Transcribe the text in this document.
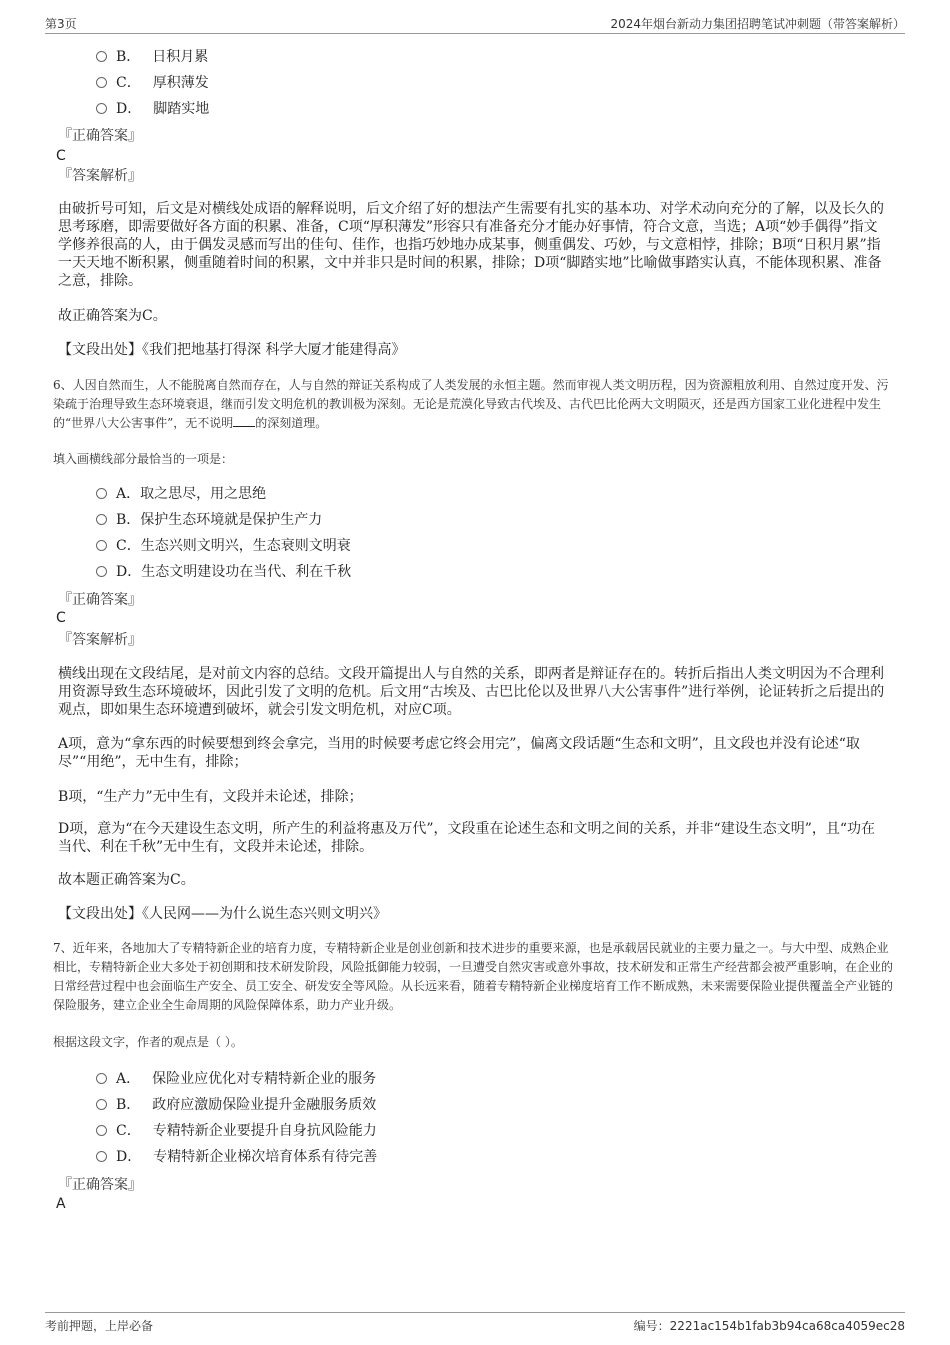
第3页	2024年烟台新动力集团招聘笔试冲刺题（带答案解析）
B． 日积月累
C． 厚积薄发
D． 脚踏实地
『正确答案』
C
『答案解析』
由破折号可知，后文是对横线处成语的解释说明，后文介绍了好的想法产生需要有扎实的基本功、对学术动向充分的了解，以及长久的思考琢磨，即需要做好各方面的积累、准备，C项“厚积薄发”形容只有准备充分才能办好事情，符合文意，当选；A项“妙手偶得”指文学修养很高的人，由于偶发灵感而写出的佳句、佳作，也指巧妙地办成某事，侧重偶发、巧妙，与文意相悖，排除；B项“日积月累”指一天天地不断积累，侧重随着时间的积累，文中并非只是时间的积累，排除；D项“脚踏实地”比喻做事踏实认真，不能体现积累、准备之意，排除。
故正确答案为C。
【文段出处】《我们把地基打得深 科学大厦才能建得高》
6、人因自然而生，人不能脱离自然而存在，人与自然的辩证关系构成了人类发展的永恒主题。然而审视人类文明历程，因为资源粗放利用、自然过度开发、污染疏于治理导致生态环境衰退，继而引发文明危机的教训极为深刻。无论是荒漠化导致古代埃及、古代巴比伦两大文明陨灭，还是西方国家工业化进程中发生的“世界八大公害事件”，无不说明 的深刻道理。
填入画横线部分最恰当的一项是：
A．取之思尽，用之思绝
B．保护生态环境就是保护生产力
C．生态兴则文明兴，生态衰则文明衰
D．生态文明建设功在当代、利在千秋
『正确答案』
C
『答案解析』
横线出现在文段结尾，是对前文内容的总结。文段开篇提出人与自然的关系，即两者是辩证存在的。转折后指出人类文明因为不合理利用资源导致生态环境破坏，因此引发了文明的危机。后文用“古埃及、古巴比伦以及世界八大公害事件”进行举例，论证转折之后提出的观点，即如果生态环境遭到破坏，就会引发文明危机，对应C项。
A项，意为“拿东西的时候要想到终会拿完，当用的时候要考虑它终会用完”，偏离文段话题“生态和文明”，且文段也并没有论述“取尽”“用绝”，无中生有，排除；
B项，“生产力”无中生有，文段并未论述，排除；
D项，意为“在今天建设生态文明，所产生的利益将惠及万代”，文段重在论述生态和文明之间的关系，并非“建设生态文明”，且“功在当代、利在千秋”无中生有，文段并未论述，排除。
故本题正确答案为C。
【文段出处】《人民网——为什么说生态兴则文明兴》
7、近年来，各地加大了专精特新企业的培育力度，专精特新企业是创业创新和技术进步的重要来源，也是承载居民就业的主要力量之一。与大中型、成熟企业相比，专精特新企业大多处于初创期和技术研发阶段，风险抵御能力较弱，一旦遭受自然灾害或意外事故，技术研发和正常生产经营都会被严重影响，在企业的日常经营过程中也会面临生产安全、员工安全、研发安全等风险。从长远来看，随着专精特新企业梯度培育工作不断成熟，未来需要保险业提供覆盖全产业链的保险服务，建立企业全生命周期的风险保障体系，助力产业升级。
根据这段文字，作者的观点是（ ）。
A． 保险业应优化对专精特新企业的服务
B． 政府应激励保险业提升金融服务质效
C． 专精特新企业要提升自身抗风险能力
D． 专精特新企业梯次培育体系有待完善
『正确答案』
A
考前押题，上岸必备	编号：2221ac154b1fab3b94ca68ca4059ec28
